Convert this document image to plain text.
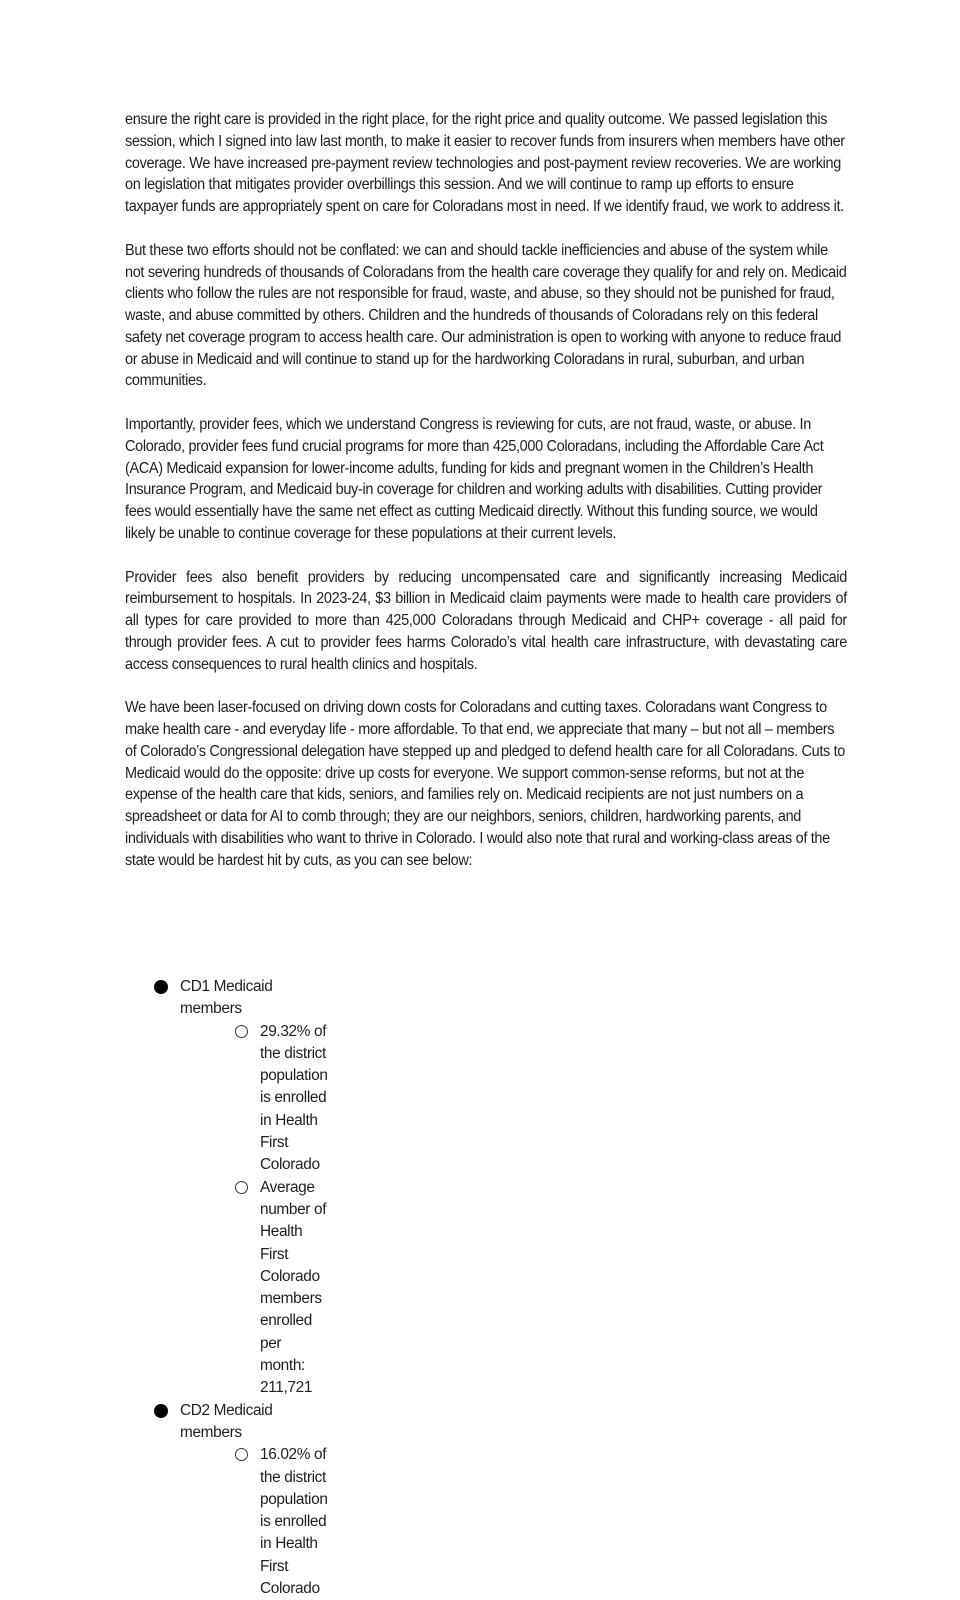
ensure the right care is provided in the right place, for the right price and quality outcome. We passed legislation this session, which I signed into law last month, to make it easier to recover funds from insurers when members have other coverage. We have increased pre-payment review technologies and post-payment review recoveries. We are working on legislation that mitigates provider overbillings this session. And we will continue to ramp up efforts to ensure taxpayer funds are appropriately spent on care for Coloradans most in need. If we identify fraud, we work to address it.

But these two efforts should not be conflated: we can and should tackle inefficiencies and abuse of the system while not severing hundreds of thousands of Coloradans from the health care coverage they qualify for and rely on. Medicaid clients who follow the rules are not responsible for fraud, waste, and abuse, so they should not be punished for fraud, waste, and abuse committed by others. Children and the hundreds of thousands of Coloradans rely on this federal safety net coverage program to access health care. Our administration is open to working with anyone to reduce fraud or abuse in Medicaid and will continue to stand up for the hardworking Coloradans in rural, suburban, and urban communities.

Importantly, provider fees, which we understand Congress is reviewing for cuts, are not fraud, waste, or abuse. In Colorado, provider fees fund crucial programs for more than 425,000 Coloradans, including the Affordable Care Act (ACA) Medicaid expansion for lower-income adults, funding for kids and pregnant women in the Children’s Health Insurance Program, and Medicaid buy-in coverage for children and working adults with disabilities. Cutting provider fees would essentially have the same net effect as cutting Medicaid directly. Without this funding source, we would likely be unable to continue coverage for these populations at their current levels.

Provider fees also benefit providers by reducing uncompensated care and significantly increasing Medicaid reimbursement to hospitals. In 2023-24, $3 billion in Medicaid claim payments were made to health care providers of all types for care provided to more than 425,000 Coloradans through Medicaid and CHP+ coverage - all paid for through provider fees. A cut to provider fees harms Colorado’s vital health care infrastructure, with devastating care access consequences to rural health clinics and hospitals.

We have been laser-focused on driving down costs for Coloradans and cutting taxes. Coloradans want Congress to make health care - and everyday life - more affordable. To that end, we appreciate that many – but not all – members of Colorado’s Congressional delegation have stepped up and pledged to defend health care for all Coloradans. Cuts to Medicaid would do the opposite: drive up costs for everyone. We support common-sense reforms, but not at the expense of the health care that kids, seniors, and families rely on. Medicaid recipients are not just numbers on a spreadsheet or data for AI to comb through; they are our neighbors, seniors, children, hardworking parents, and individuals with disabilities who want to thrive in Colorado. I would also note that rural and working-class areas of the state would be hardest hit by cuts, as you can see below:

CD1 Medicaid members
29.32% of the district population is enrolled in Health First Colorado
Average number of Health First Colorado members enrolled per month: 211,721
CD2 Medicaid members
16.02% of the district population is enrolled in Health First Colorado
